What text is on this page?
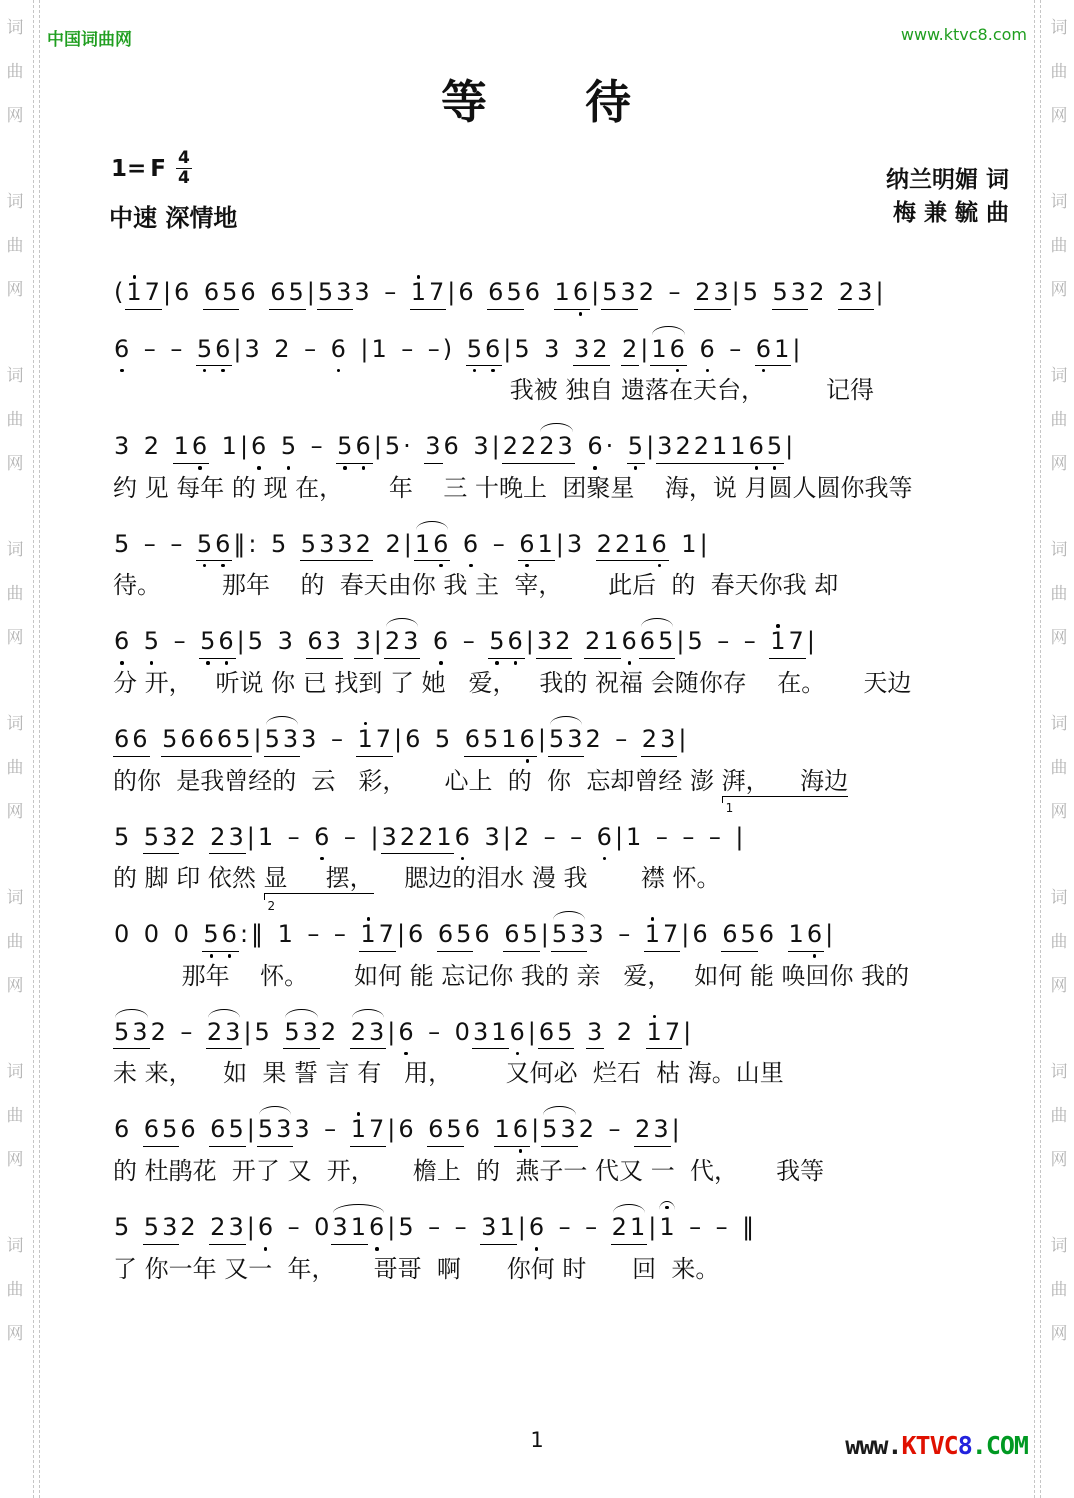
词
曲
网
词
曲
网
词
曲
网
词
曲
网
词
曲
网
词
曲
网
词
曲
网
词
曲
网
词
曲
网
词
曲
网
词
曲
网
词
曲
网
词
曲
网
词
曲
网
词
曲
网
词
曲
网
中国词曲网	www.ktvc8.com
等　　待
1= F $\frac{4}{4}$
中速 深情地
纳兰明媚 词
梅 兼 毓 曲
(17|6 656 65|533 – 17|6 656 16|532 – 23|5 532 23|
6 – – 56|3 2 – 6 |1 – –) 56|5 3 32 2|16 6 – 61|
我被 独自 遗落在天台，        记得
3 2 16 1|6 5 – 56|5· 36 3|2223 6· 5|3221165|
约 见 每年 的 现 在，      年    三 十晚上  团聚星    海，说 月圆人圆你我等
5 – – 56‖: 5 5332 2|16 6 – 61|3 2216 1|
待。        那年    的  春天由你 我 主  宰，      此后  的  春天你我 却
6 5 – 56|5 3 63 3|23 6 – 56|32 21665|5 – – 17|
分 开，   听说 你 已 找到 了 她   爱，   我的 祝福 会随你存    在。     天边
66 56665|533 – 17|6 5 6516|532 – 23|
的你  是我曾经的  云   彩，     心上  的  你  忘却曾经 澎 湃，    海边 1
5 532 23|1 – 6 – |32216 3|2 – – 6|1 – – – |
的 脚 印 依然 显     摆， 2    腮边的泪水 漫 我       襟 怀。
0 0 0 56:‖ 1 – – 17|6 656 65|533 – 17|6 656 16|
那年    怀。      如何 能 忘记你 我的 亲   爱，   如何 能 唤回你 我的
532 – 23|5 532 23|6 – 0316|65 3 2 17|
未 来，    如  果 誓 言 有   用，       又何必  烂石  枯 海。山里
6 656 65|533 – 17|6 656 16|532 – 23|
的 杜鹃花  开了 又  开，     檐上  的  燕子一 代又 一  代，     我等
5 532 23|6 – 0316|5 – – 31|6 – – 21|1 – – ‖
了 你一年 又一  年，     哥哥  啊      你何 时      回  来。
1	www.KTVC8.COM
